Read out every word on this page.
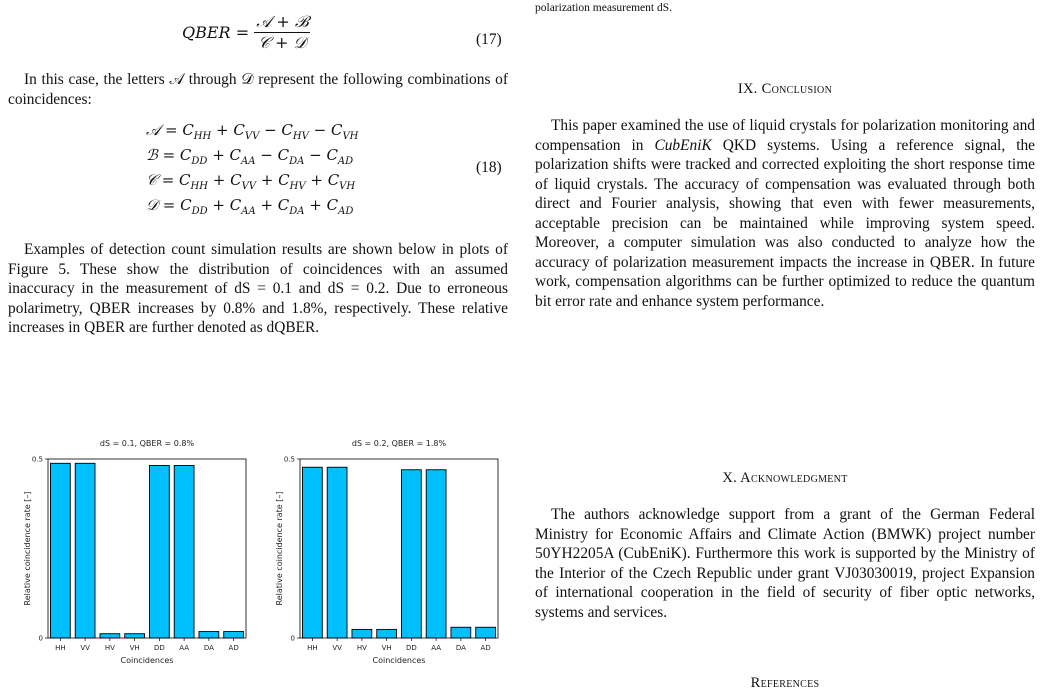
QBER = $\frac{\text{𝒜 + ℬ}}{\text{𝒞 + 𝒟}}$	(17)

In this case, the letters 𝒜 through 𝒟 represent the following combinations of coincidences:

𝒜 = $C_{HH} + C_{VV} - C_{HV} - C_{VH}$
ℬ = $C_{DD} + C_{AA} - C_{DA} - C_{AD}$
𝒞 = $C_{HH} + C_{VV} + C_{HV} + C_{VH}$
𝒟 = $C_{DD} + C_{AA} + C_{DA} + C_{AD}$
(18)

Examples of detection count simulation results are shown below in plots of Figure 5. These show the distribution of coincidences with an assumed inaccuracy in the measurement of dS = 0.1 and dS = 0.2. Due to erroneous polarimetry, QBER increases by 0.8% and 1.8%, respectively. These relative increases in QBER are further denoted as dQBER.

dS = 0.1, QBER = 0.8%
HH VV HV VH DD AA DA AD
0
0.5
Coincidences
Relative coincidence rate [–]
dS = 0.2, QBER = 1.8%
HH VV HV VH DD AA DA AD
0
0.5
Coincidences
Relative coincidence rate [–]
polarization measurement dS.
IX. Conclusion

This paper examined the use of liquid crystals for polarization monitoring and compensation in CubEniK QKD systems. Using a reference signal, the polarization shifts were tracked and corrected exploiting the short response time of liquid crystals. The accuracy of compensation was evaluated through both direct and Fourier analysis, showing that even with fewer measurements, acceptable precision can be maintained while improving system speed. Moreover, a computer simulation was also conducted to analyze how the accuracy of polarization measurement impacts the increase in QBER. In future work, compensation algorithms can be further optimized to reduce the quantum bit error rate and enhance system performance.

X. Acknowledgment

The authors acknowledge support from a grant of the German Federal Ministry for Economic Affairs and Climate Action (BMWK) project number 50YH2205A (CubEniK). Furthermore this work is supported by the Ministry of the Interior of the Czech Republic under grant VJ03030019, project Expansion of international cooperation in the field of security of fiber optic networks, systems and services.

References
